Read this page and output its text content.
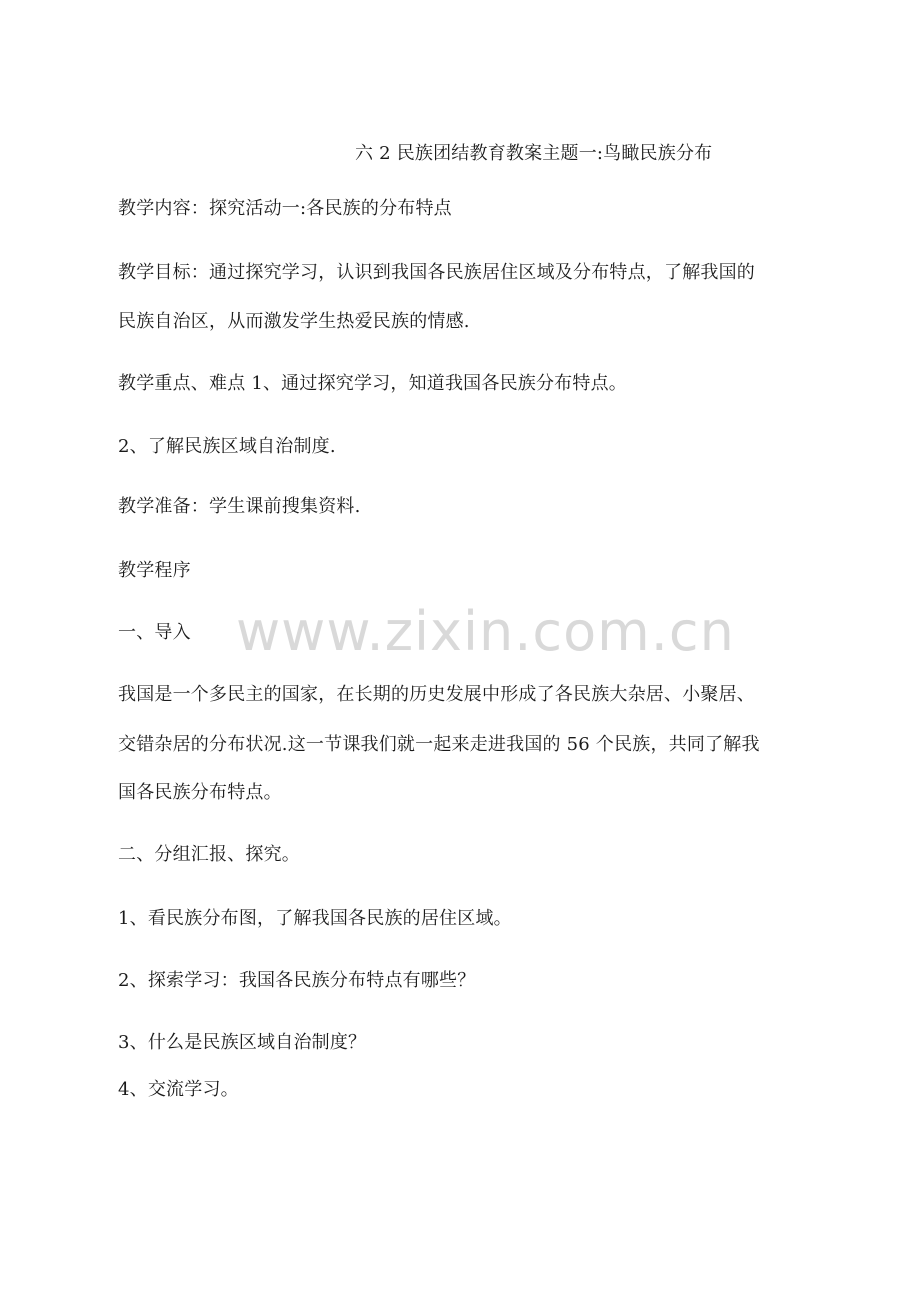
六 2 民族团结教育教案主题一:鸟瞰民族分布
教学内容：探究活动一:各民族的分布特点
教学目标：通过探究学习，认识到我国各民族居住区域及分布特点，了解我国的
民族自治区，从而激发学生热爱民族的情感.
教学重点、难点 1、通过探究学习，知道我国各民族分布特点。
2、了解民族区域自治制度.
教学准备：学生课前搜集资料.
教学程序
一、导入
我国是一个多民主的国家，在长期的历史发展中形成了各民族大杂居、小聚居、
交错杂居的分布状况.这一节课我们就一起来走进我国的 56 个民族，共同了解我
国各民族分布特点。
二、分组汇报、探究。
1、看民族分布图，了解我国各民族的居住区域。
2、探索学习：我国各民族分布特点有哪些？
3、什么是民族区域自治制度？
4、交流学习。
www.zixin.com.cn
